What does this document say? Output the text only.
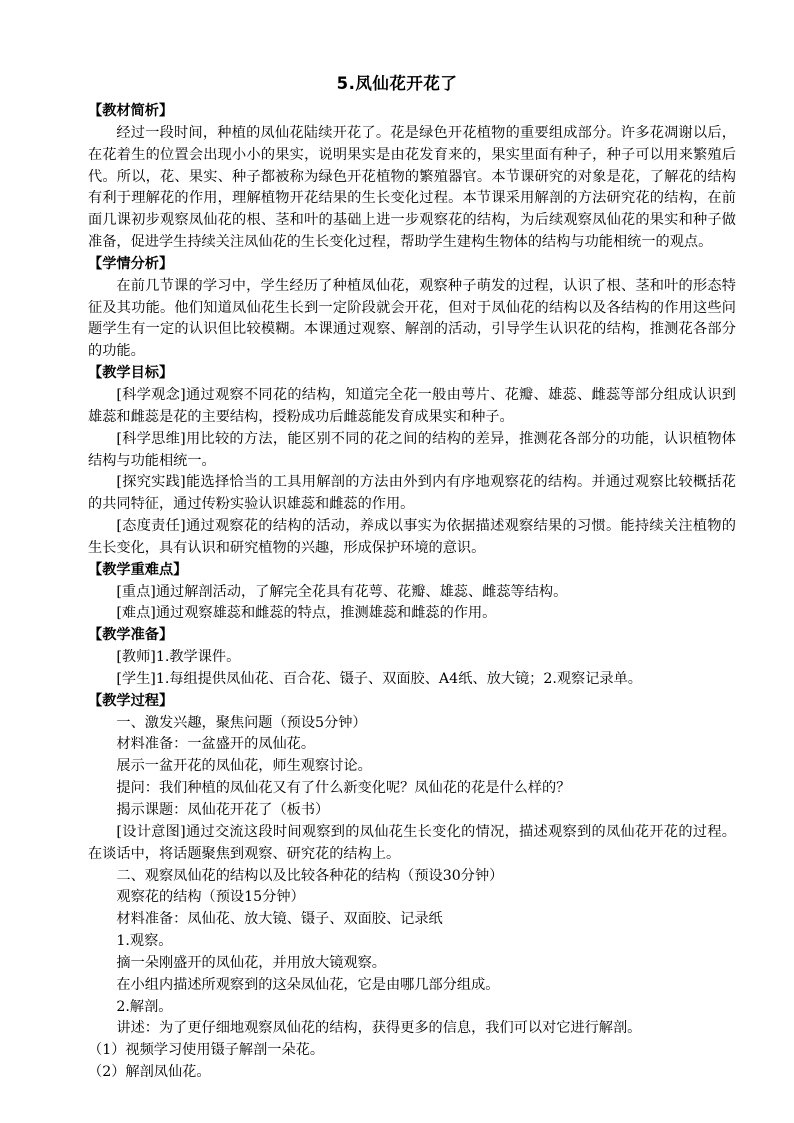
5.凤仙花开花了

【教材简析】

经过一段时间，种植的凤仙花陆续开花了。花是绿色开花植物的重要组成部分。许多花凋谢以后，在花着生的位置会出现小小的果实，说明果实是由花发育来的，果实里面有种子，种子可以用来繁殖后代。所以，花、果实、种子都被称为绿色开花植物的繁殖器官。本节课研究的对象是花，了解花的结构有利于理解花的作用，理解植物开花结果的生长变化过程。本节课采用解剖的方法研究花的结构，在前面几课初步观察凤仙花的根、茎和叶的基础上进一步观察花的结构，为后续观察凤仙花的果实和种子做准备，促进学生持续关注凤仙花的生长变化过程，帮助学生建构生物体的结构与功能相统一的观点。

【学情分析】

在前几节课的学习中，学生经历了种植凤仙花，观察种子萌发的过程，认识了根、茎和叶的形态特征及其功能。他们知道凤仙花生长到一定阶段就会开花，但对于凤仙花的结构以及各结构的作用这些问题学生有一定的认识但比较模糊。本课通过观察、解剖的活动，引导学生认识花的结构，推测花各部分的功能。

【教学目标】

[科学观念]通过观察不同花的结构，知道完全花一般由萼片、花瓣、雄蕊、雌蕊等部分组成认识到雄蕊和雌蕊是花的主要结构，授粉成功后雌蕊能发育成果实和种子。

[科学思维]用比较的方法，能区别不同的花之间的结构的差异，推测花各部分的功能，认识植物体结构与功能相统一。

[探究实践]能选择恰当的工具用解剖的方法由外到内有序地观察花的结构。并通过观察比较概括花的共同特征，通过传粉实验认识雄蕊和雌蕊的作用。

[态度责任]通过观察花的结构的活动，养成以事实为依据描述观察结果的习惯。能持续关注植物的生长变化，具有认识和研究植物的兴趣，形成保护环境的意识。

【教学重难点】

[重点]通过解剖活动，了解完全花具有花萼、花瓣、雄蕊、雌蕊等结构。

[难点]通过观察雄蕊和雌蕊的特点，推测雄蕊和雌蕊的作用。

【教学准备】

[教师]1.教学课件。

[学生]1.每组提供凤仙花、百合花、镊子、双面胶、A4纸、放大镜；2.观察记录单。

【教学过程】

一、激发兴趣，聚焦问题（预设5分钟）

材料准备：一盆盛开的凤仙花。

展示一盆开花的凤仙花，师生观察讨论。

提问：我们种植的凤仙花又有了什么新变化呢？凤仙花的花是什么样的？

揭示课题：凤仙花开花了（板书）

[设计意图]通过交流这段时间观察到的凤仙花生长变化的情况，描述观察到的凤仙花开花的过程。在谈话中，将话题聚焦到观察、研究花的结构上。

二、观察凤仙花的结构以及比较各种花的结构（预设30分钟）

观察花的结构（预设15分钟）

材料准备：凤仙花、放大镜、镊子、双面胶、记录纸

1.观察。

摘一朵刚盛开的凤仙花，并用放大镜观察。

在小组内描述所观察到的这朵凤仙花，它是由哪几部分组成。

2.解剖。

讲述：为了更仔细地观察凤仙花的结构，获得更多的信息，我们可以对它进行解剖。

（1）视频学习使用镊子解剖一朵花。

（2）解剖凤仙花。
